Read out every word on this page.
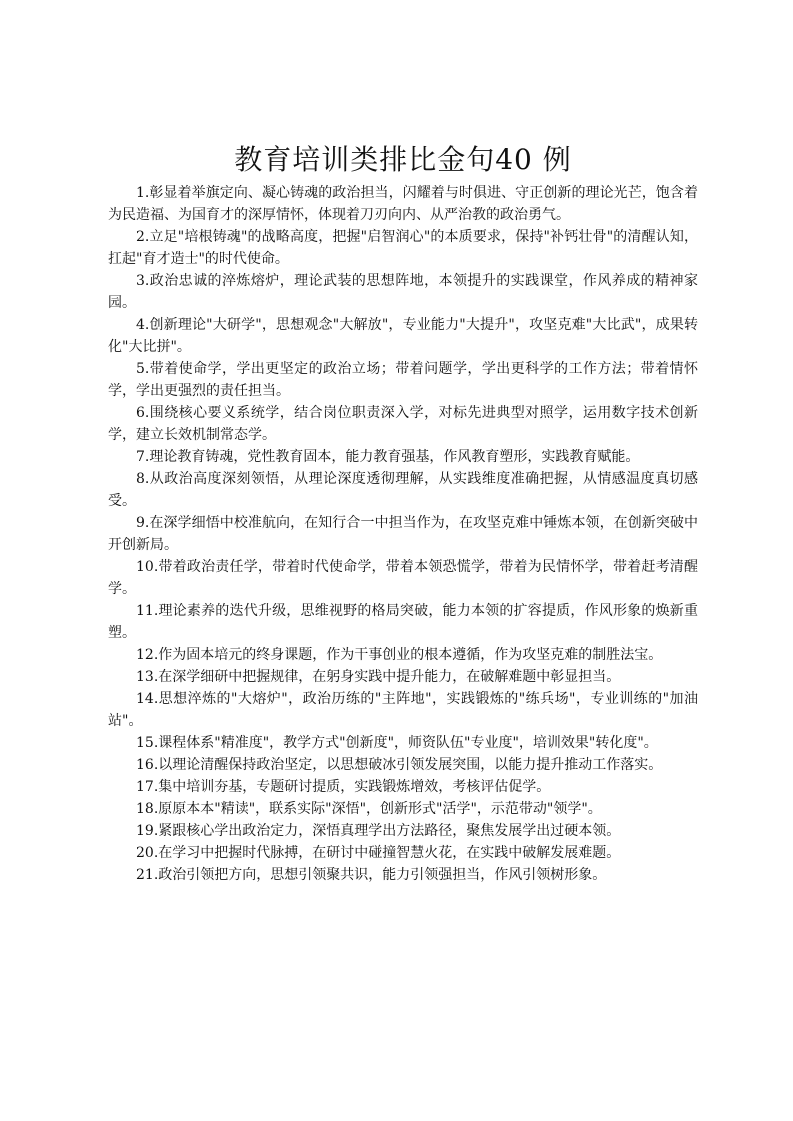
教育培训类排比金句40 例
1.彰显着举旗定向、凝心铸魂的政治担当，闪耀着与时俱进、守正创新的理论光芒，饱含着为民造福、为国育才的深厚情怀，体现着刀刃向内、从严治教的政治勇气。
2.立足"培根铸魂"的战略高度，把握"启智润心"的本质要求，保持"补钙壮骨"的清醒认知，扛起"育才造士"的时代使命。
3.政治忠诚的淬炼熔炉，理论武装的思想阵地，本领提升的实践课堂，作风养成的精神家园。
4.创新理论"大研学"，思想观念"大解放"，专业能力"大提升"，攻坚克难"大比武"，成果转化"大比拼"。
5.带着使命学，学出更坚定的政治立场；带着问题学，学出更科学的工作方法；带着情怀学，学出更强烈的责任担当。
6.围绕核心要义系统学，结合岗位职责深入学，对标先进典型对照学，运用数字技术创新学，建立长效机制常态学。
7.理论教育铸魂，党性教育固本，能力教育强基，作风教育塑形，实践教育赋能。
8.从政治高度深刻领悟，从理论深度透彻理解，从实践维度准确把握，从情感温度真切感受。
9.在深学细悟中校准航向，在知行合一中担当作为，在攻坚克难中锤炼本领，在创新突破中开创新局。
10.带着政治责任学，带着时代使命学，带着本领恐慌学，带着为民情怀学，带着赶考清醒学。
11.理论素养的迭代升级，思维视野的格局突破，能力本领的扩容提质，作风形象的焕新重塑。
12.作为固本培元的终身课题，作为干事创业的根本遵循，作为攻坚克难的制胜法宝。
13.在深学细研中把握规律，在躬身实践中提升能力，在破解难题中彰显担当。
14.思想淬炼的"大熔炉"，政治历练的"主阵地"，实践锻炼的"练兵场"，专业训练的"加油站"。
15.课程体系"精准度"，教学方式"创新度"，师资队伍"专业度"，培训效果"转化度"。
16.以理论清醒保持政治坚定，以思想破冰引领发展突围，以能力提升推动工作落实。
17.集中培训夯基，专题研讨提质，实践锻炼增效，考核评估促学。
18.原原本本"精读"，联系实际"深悟"，创新形式"活学"，示范带动"领学"。
19.紧跟核心学出政治定力，深悟真理学出方法路径，聚焦发展学出过硬本领。
20.在学习中把握时代脉搏，在研讨中碰撞智慧火花，在实践中破解发展难题。
21.政治引领把方向，思想引领聚共识，能力引领强担当，作风引领树形象。
